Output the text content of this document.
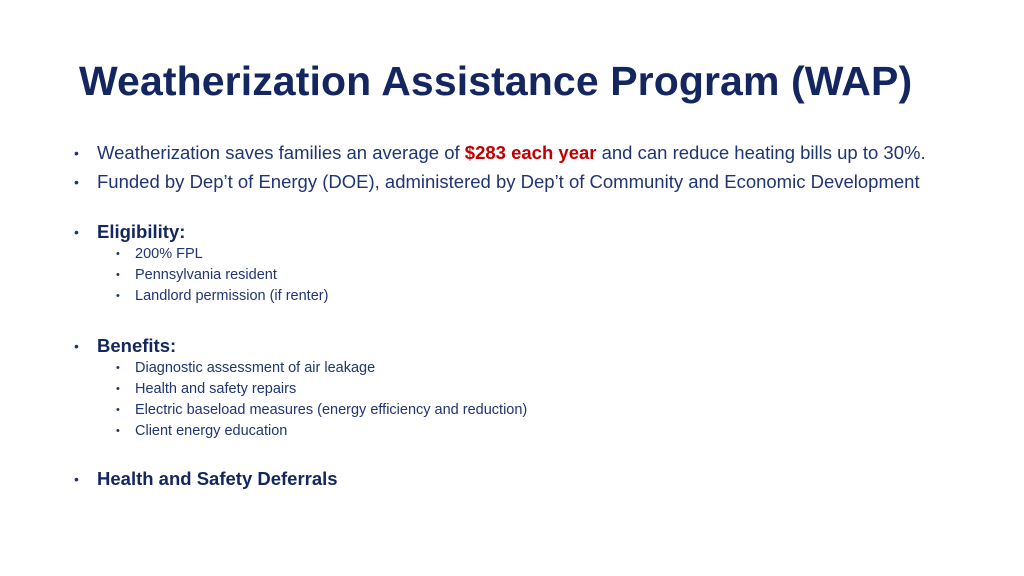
Weatherization Assistance Program (WAP)
• Weatherization saves families an average of $283 each year and can reduce heating bills up to 30%.
• Funded by Dep’t of Energy (DOE), administered by Dep’t of Community and Economic Development
• Eligibility:
• 200% FPL
• Pennsylvania resident
• Landlord permission (if renter)
• Benefits:
• Diagnostic assessment of air leakage
• Health and safety repairs
• Electric baseload measures (energy efficiency and reduction)
• Client energy education
• Health and Safety Deferrals
